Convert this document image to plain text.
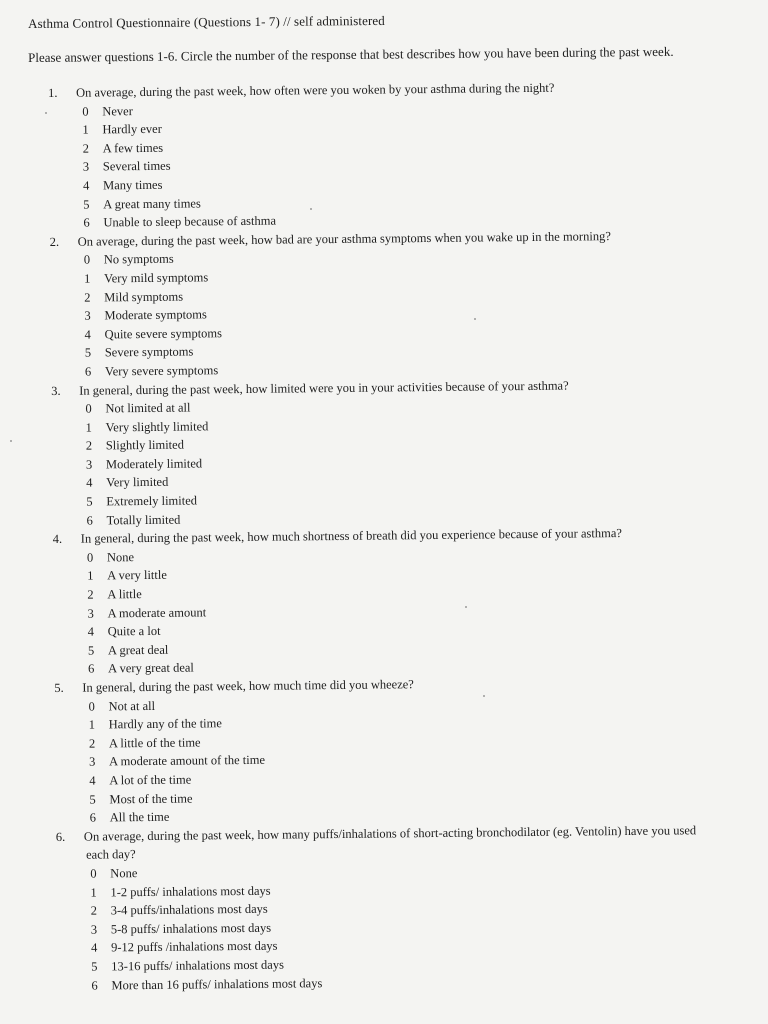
Asthma Control Questionnaire (Questions 1- 7) // self administered
Please answer questions 1-6. Circle the number of the response that best describes how you have been during the past week.
1.	On average, during the past week, how often were you woken by your asthma during the night?
0	Never
1	Hardly ever
2	A few times
3	Several times
4	Many times
5	A great many times
6	Unable to sleep because of asthma
2.	On average, during the past week, how bad are your asthma symptoms when you wake up in the morning?
0	No symptoms
1	Very mild symptoms
2	Mild symptoms
3	Moderate symptoms
4	Quite severe symptoms
5	Severe symptoms
6	Very severe symptoms
3.	In general, during the past week, how limited were you in your activities because of your asthma?
0	Not limited at all
1	Very slightly limited
2	Slightly limited
3	Moderately limited
4	Very limited
5	Extremely limited
6	Totally limited
4.	In general, during the past week, how much shortness of breath did you experience because of your asthma?
0	None
1	A very little
2	A little
3	A moderate amount
4	Quite a lot
5	A great deal
6	A very great deal
5.	In general, during the past week, how much time did you wheeze?
0	Not at all
1	Hardly any of the time
2	A little of the time
3	A moderate amount of the time
4	A lot of the time
5	Most of the time
6	All the time
6.	On average, during the past week, how many puffs/inhalations of short-acting bronchodilator (eg. Ventolin) have you used
each day?
0	None
1	1-2 puffs/ inhalations most days
2	3-4 puffs/inhalations most days
3	5-8 puffs/ inhalations most days
4	9-12 puffs /inhalations most days
5	13-16 puffs/ inhalations most days
6	More than 16 puffs/ inhalations most days
